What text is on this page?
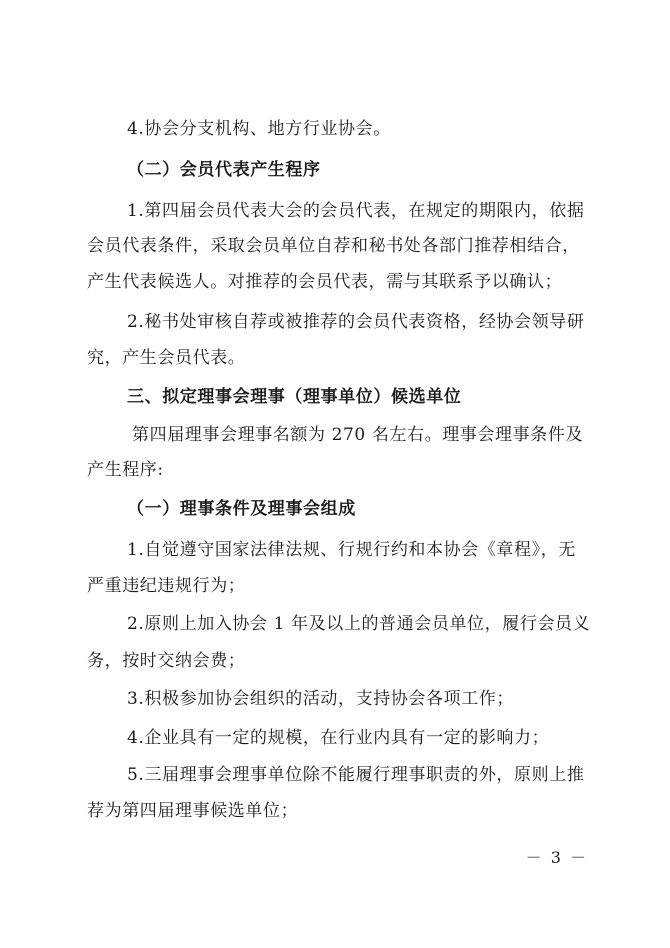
4.协会分支机构、地方行业协会。
（二）会员代表产生程序
1.第四届会员代表大会的会员代表，在规定的期限内，依据
会员代表条件，采取会员单位自荐和秘书处各部门推荐相结合，
产生代表候选人。对推荐的会员代表，需与其联系予以确认；
2.秘书处审核自荐或被推荐的会员代表资格，经协会领导研
究，产生会员代表。
三、拟定理事会理事（理事单位）候选单位
第四届理事会理事名额为 270 名左右。理事会理事条件及
产生程序:
（一）理事条件及理事会组成
1.自觉遵守国家法律法规、行规行约和本协会《章程》，无
严重违纪违规行为；
2.原则上加入协会 1 年及以上的普通会员单位，履行会员义
务，按时交纳会费；
3.积极参加协会组织的活动，支持协会各项工作；
4.企业具有一定的规模，在行业内具有一定的影响力；
5.三届理事会理事单位除不能履行理事职责的外，原则上推
荐为第四届理事候选单位；
－ 3 －
